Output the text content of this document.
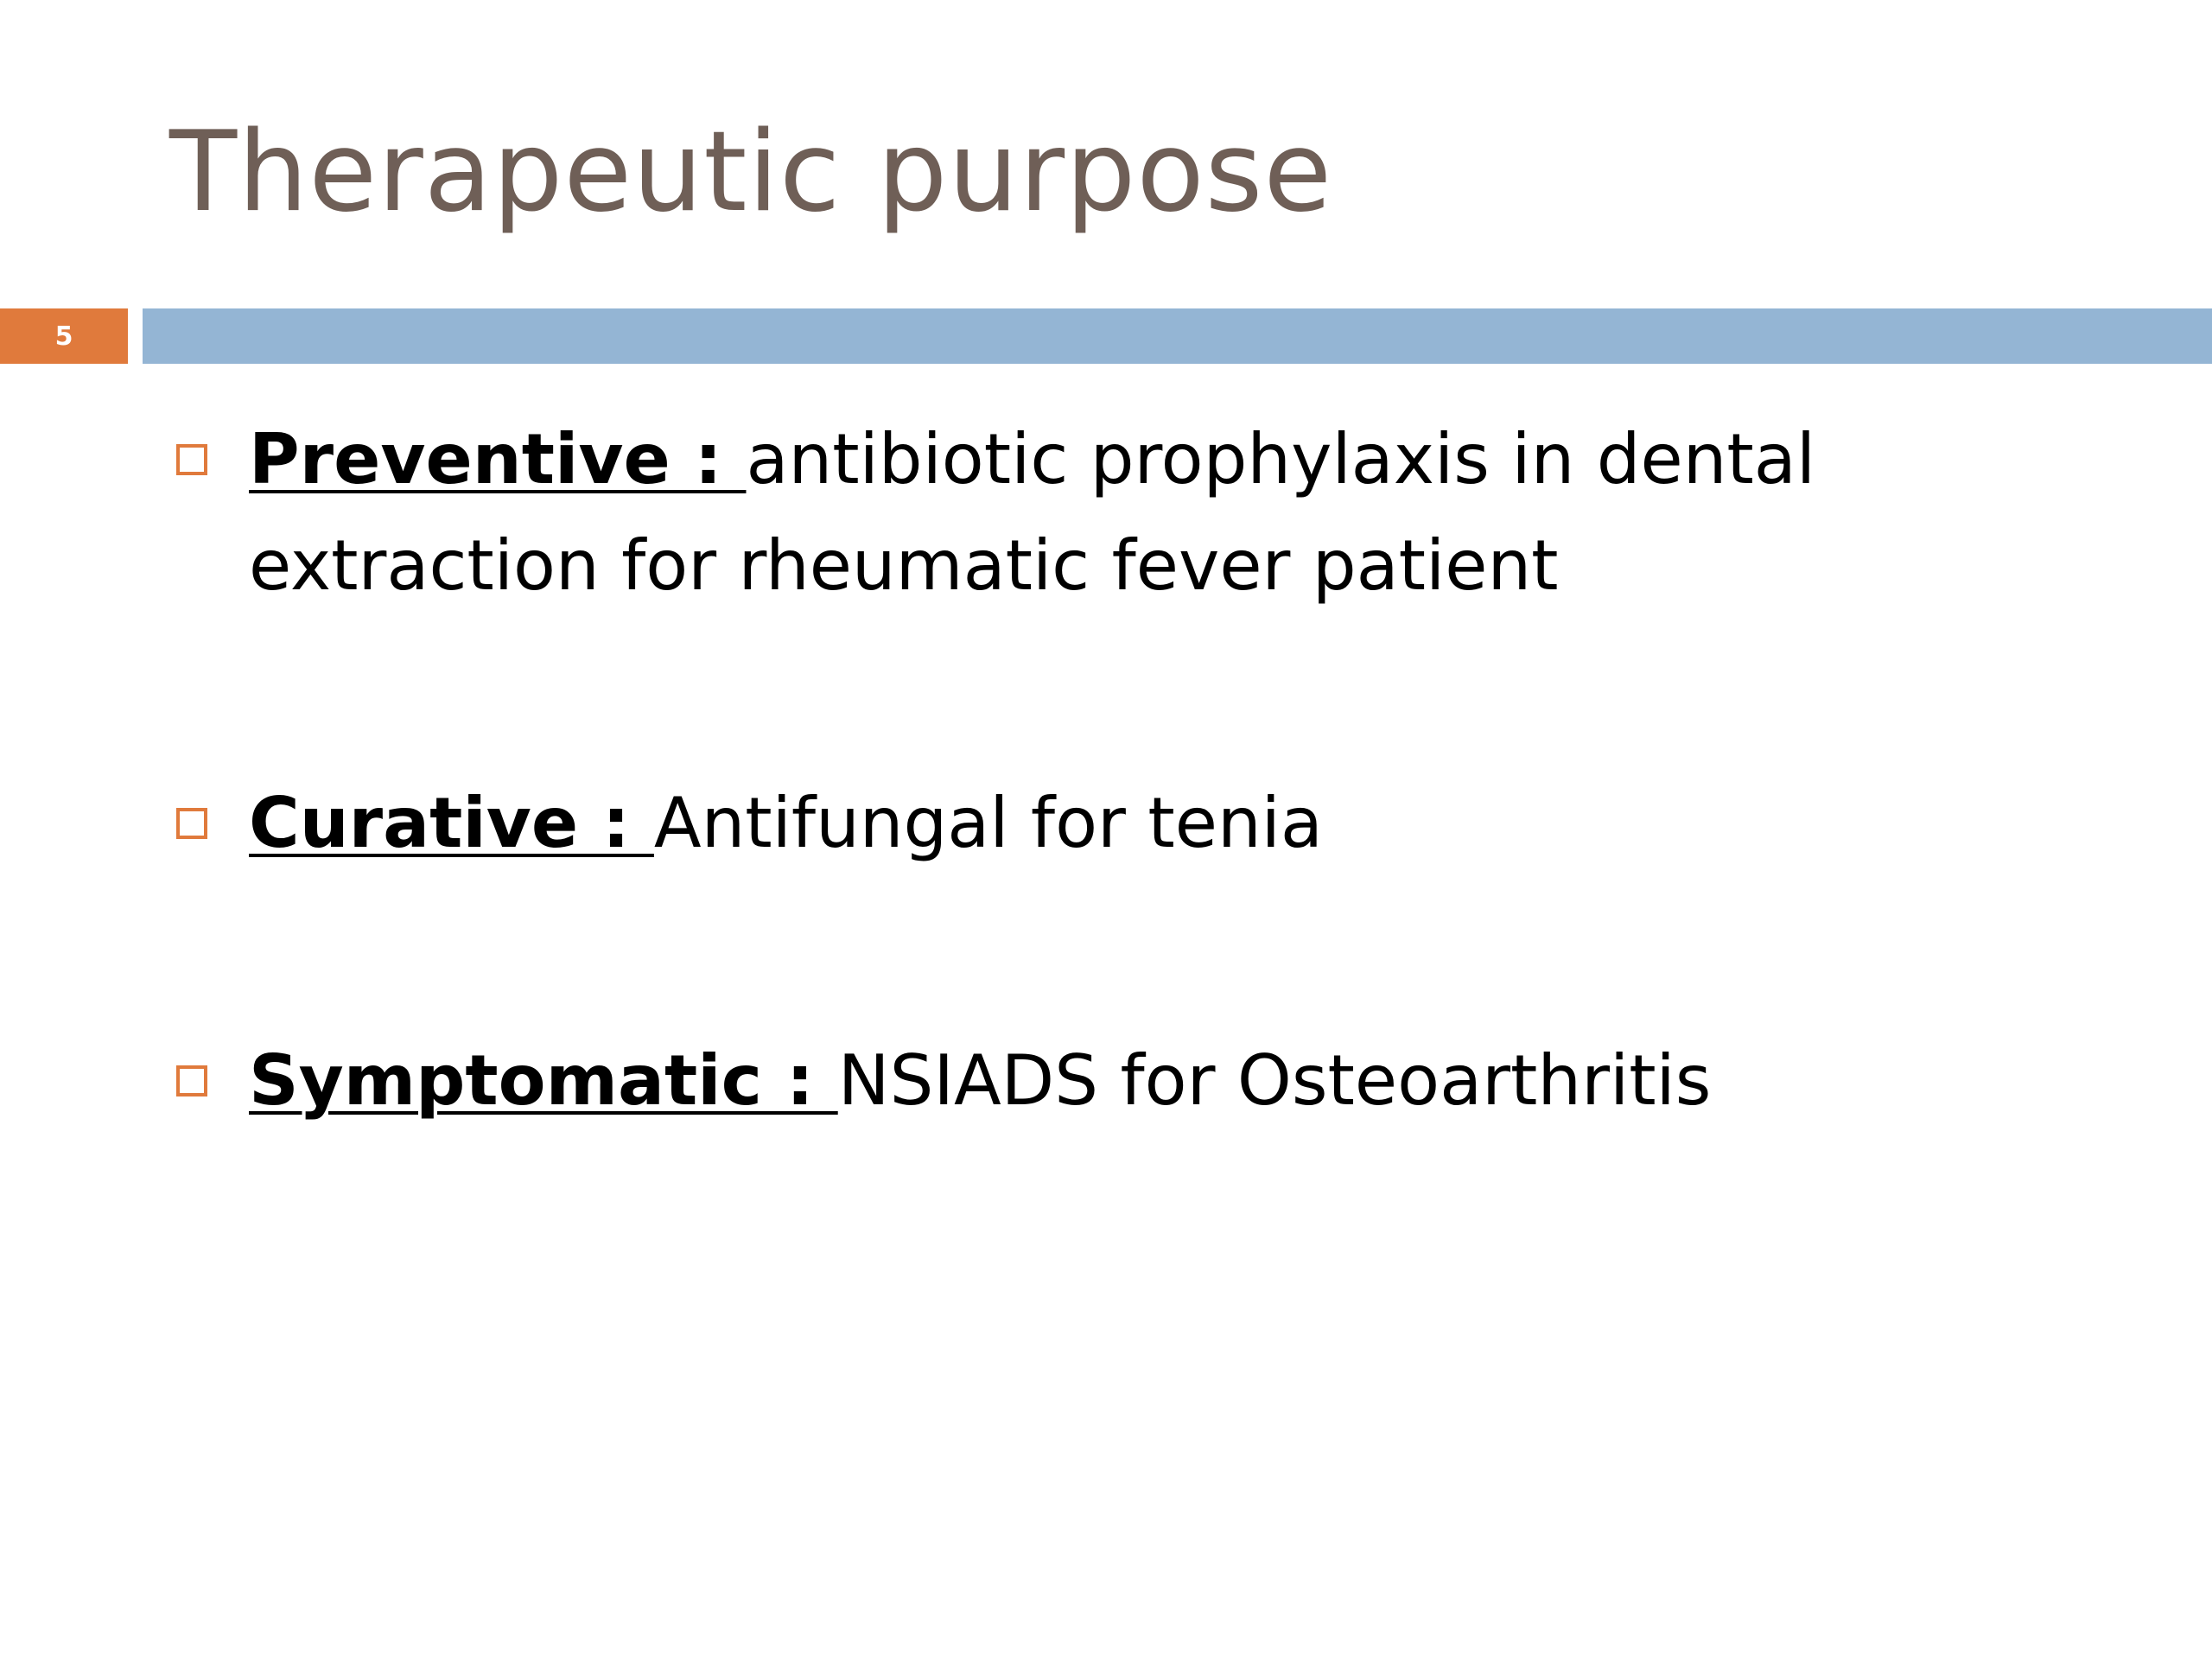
Therapeutic purpose
5
Preventive : antibiotic prophylaxis in dental extraction for rheumatic fever patient
Curative : Antifungal for tenia
Symptomatic : NSIADS for Osteoarthritis
